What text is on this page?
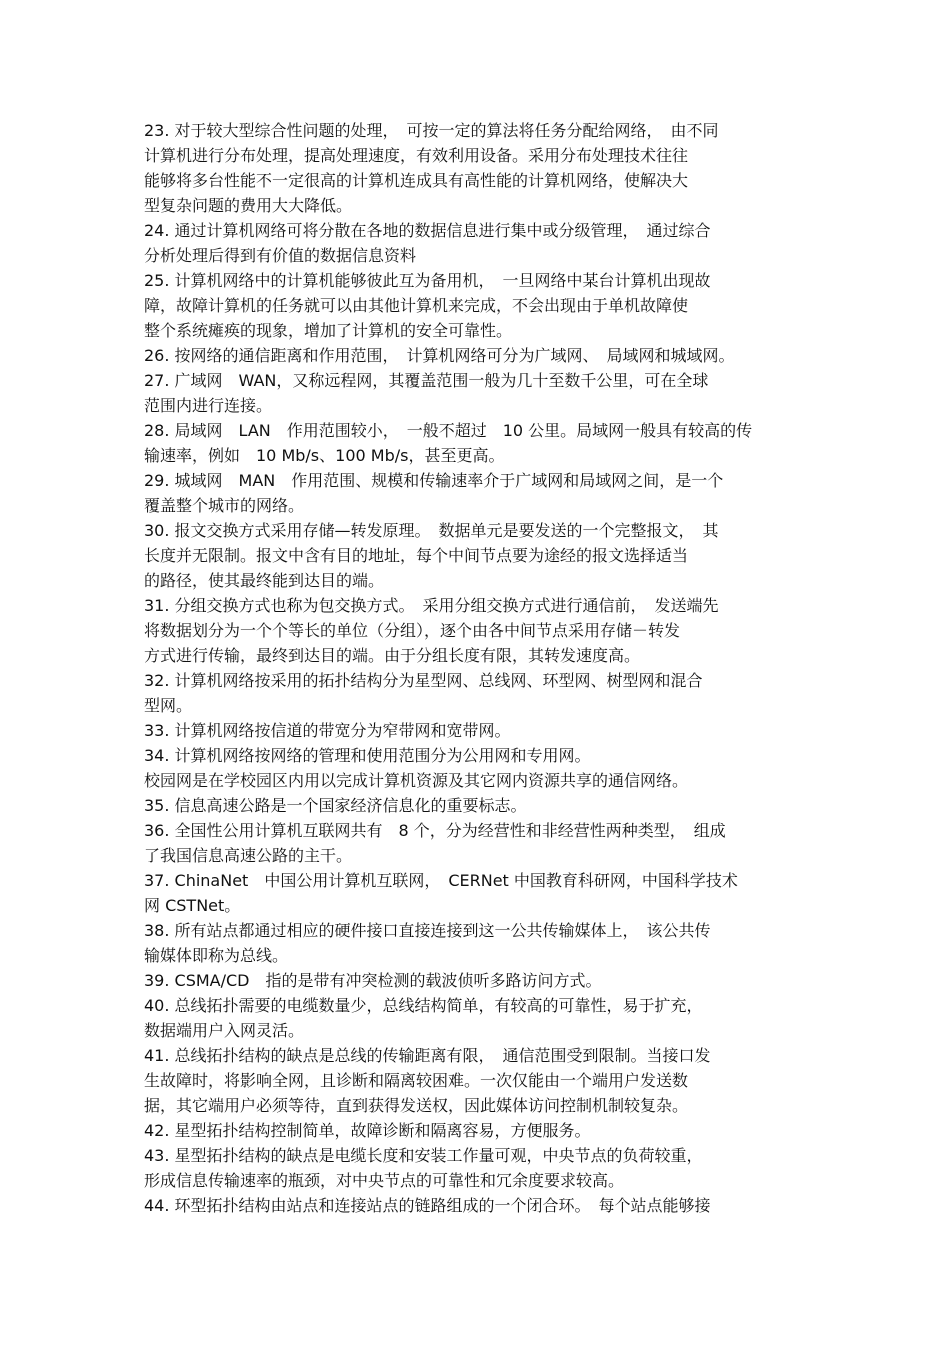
23. 对于较大型综合性问题的处理，　可按一定的算法将任务分配给网络，　由不同
计算机进行分布处理，提高处理速度，有效利用设备。采用分布处理技术往往
能够将多台性能不一定很高的计算机连成具有高性能的计算机网络，使解决大
型复杂问题的费用大大降低。
24. 通过计算机网络可将分散在各地的数据信息进行集中或分级管理，　通过综合
分析处理后得到有价值的数据信息资料
25. 计算机网络中的计算机能够彼此互为备用机，　一旦网络中某台计算机出现故
障，故障计算机的任务就可以由其他计算机来完成，不会出现由于单机故障使
整个系统瘫痪的现象，增加了计算机的安全可靠性。
26. 按网络的通信距离和作用范围，　计算机网络可分为广域网、　局域网和城域网。
27. 广域网　WAN，又称远程网，其覆盖范围一般为几十至数千公里，可在全球
范围内进行连接。
28. 局域网　LAN　作用范围较小，　一般不超过　10 公里。局域网一般具有较高的传
输速率，例如　10 Mb/s、100 Mb/s，甚至更高。
29. 城域网　MAN　作用范围、规模和传输速率介于广域网和局域网之间，是一个
覆盖整个城市的网络。
30. 报文交换方式采用存储—转发原理。　数据单元是要发送的一个完整报文，　其
长度并无限制。报文中含有目的地址，每个中间节点要为途经的报文选择适当
的路径，使其最终能到达目的端。
31. 分组交换方式也称为包交换方式。　采用分组交换方式进行通信前，　发送端先
将数据划分为一个个等长的单位（分组），逐个由各中间节点采用存储－转发
方式进行传输，最终到达目的端。由于分组长度有限，其转发速度高。
32. 计算机网络按采用的拓扑结构分为星型网、总线网、环型网、树型网和混合
型网。
33. 计算机网络按信道的带宽分为窄带网和宽带网。
34. 计算机网络按网络的管理和使用范围分为公用网和专用网。
校园网是在学校园区内用以完成计算机资源及其它网内资源共享的通信网络。
35. 信息高速公路是一个国家经济信息化的重要标志。
36. 全国性公用计算机互联网共有　8 个，分为经营性和非经营性两种类型，　组成
了我国信息高速公路的主干。
37. ChinaNet　中国公用计算机互联网，　CERNet 中国教育科研网，中国科学技术
网 CSTNet。
38. 所有站点都通过相应的硬件接口直接连接到这一公共传输媒体上，　该公共传
输媒体即称为总线。
39. CSMA/CD　指的是带有冲突检测的载波侦听多路访问方式。
40. 总线拓扑需要的电缆数量少，总线结构简单，有较高的可靠性，易于扩充，
数据端用户入网灵活。
41. 总线拓扑结构的缺点是总线的传输距离有限，　通信范围受到限制。当接口发
生故障时，将影响全网，且诊断和隔离较困难。一次仅能由一个端用户发送数
据，其它端用户必须等待，直到获得发送权，因此媒体访问控制机制较复杂。
42. 星型拓扑结构控制简单，故障诊断和隔离容易，方便服务。
43. 星型拓扑结构的缺点是电缆长度和安装工作量可观，中央节点的负荷较重，
形成信息传输速率的瓶颈，对中央节点的可靠性和冗余度要求较高。
44. 环型拓扑结构由站点和连接站点的链路组成的一个闭合环。　每个站点能够接
